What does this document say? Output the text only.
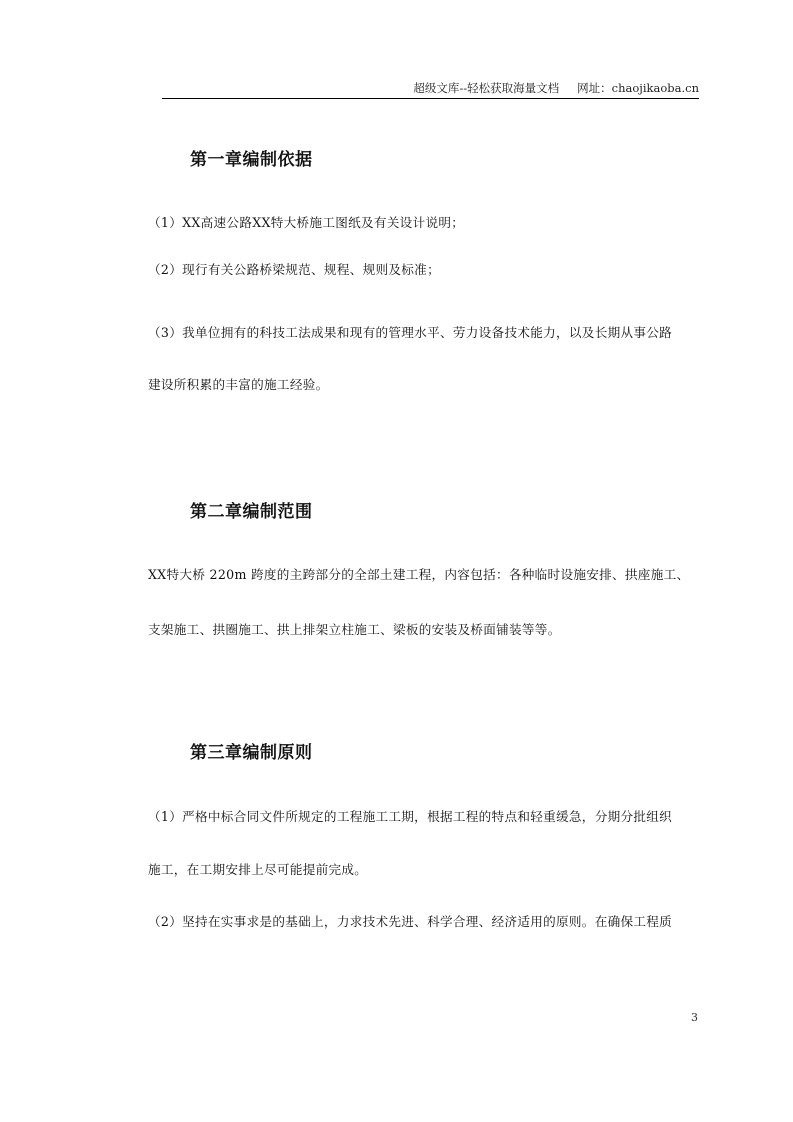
超级文库--轻松获取海量文档 网址：chaojikaoba.cn
第一章编制依据
（1）XX高速公路XX特大桥施工图纸及有关设计说明；
（2）现行有关公路桥梁规范、规程、规则及标准；
（3）我单位拥有的科技工法成果和现有的管理水平、劳力设备技术能力，以及长期从事公路
建设所积累的丰富的施工经验。
第二章编制范围
XX特大桥 220m 跨度的主跨部分的全部土建工程，内容包括：各种临时设施安排、拱座施工、
支架施工、拱圈施工、拱上排架立柱施工、梁板的安装及桥面铺装等等。
第三章编制原则
（1）严格中标合同文件所规定的工程施工工期，根据工程的特点和轻重缓急，分期分批组织
施工，在工期安排上尽可能提前完成。
（2）坚持在实事求是的基础上，力求技术先进、科学合理、经济适用的原则。在确保工程质
3
